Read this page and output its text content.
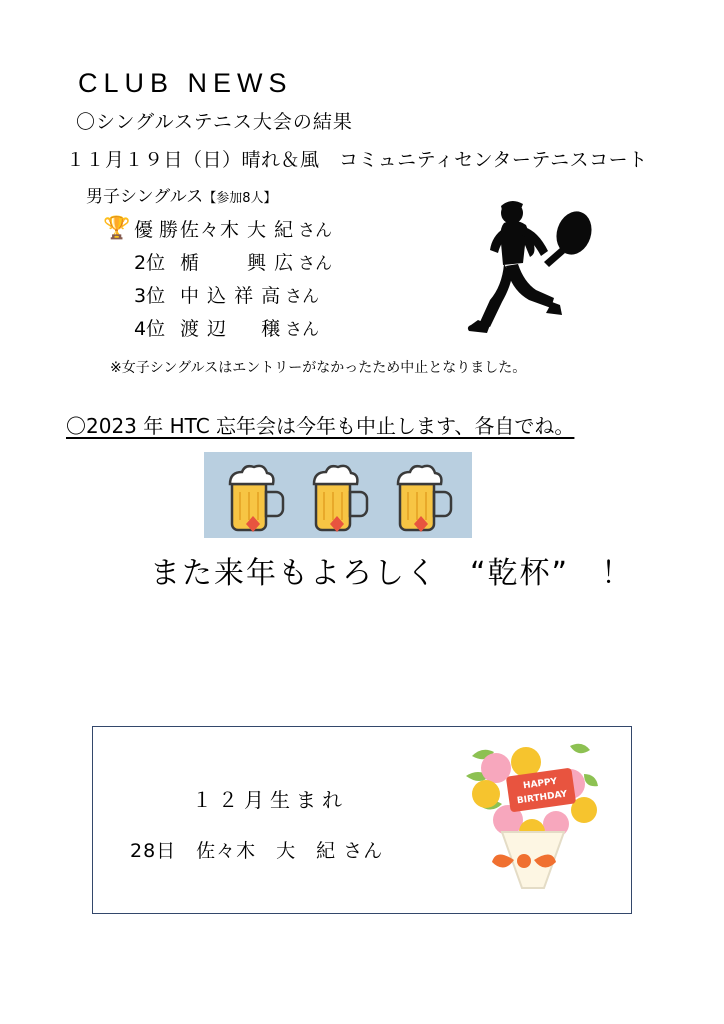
CLUB NEWS
〇シングルステニス大会の結果
１１月１９日（日）晴れ＆風　コミュニティセンターテニスコート
男子シングルス【参加8人】
🏆 優 勝 佐々木 大 紀 さん
2位 楯　　 興 広 さん
3位 中 込 祥 高 さん
4位 渡 辺 　 穣 さん
※女子シングルスはエントリーがなかったため中止となりました。
〇2023 年 HTC 忘年会は今年も中止します、各自でね。
また来年もよろしく　“乾杯”　！
１２月生まれ
28日　佐々木　大　紀 さん
HAPPY
BIRTHDAY
